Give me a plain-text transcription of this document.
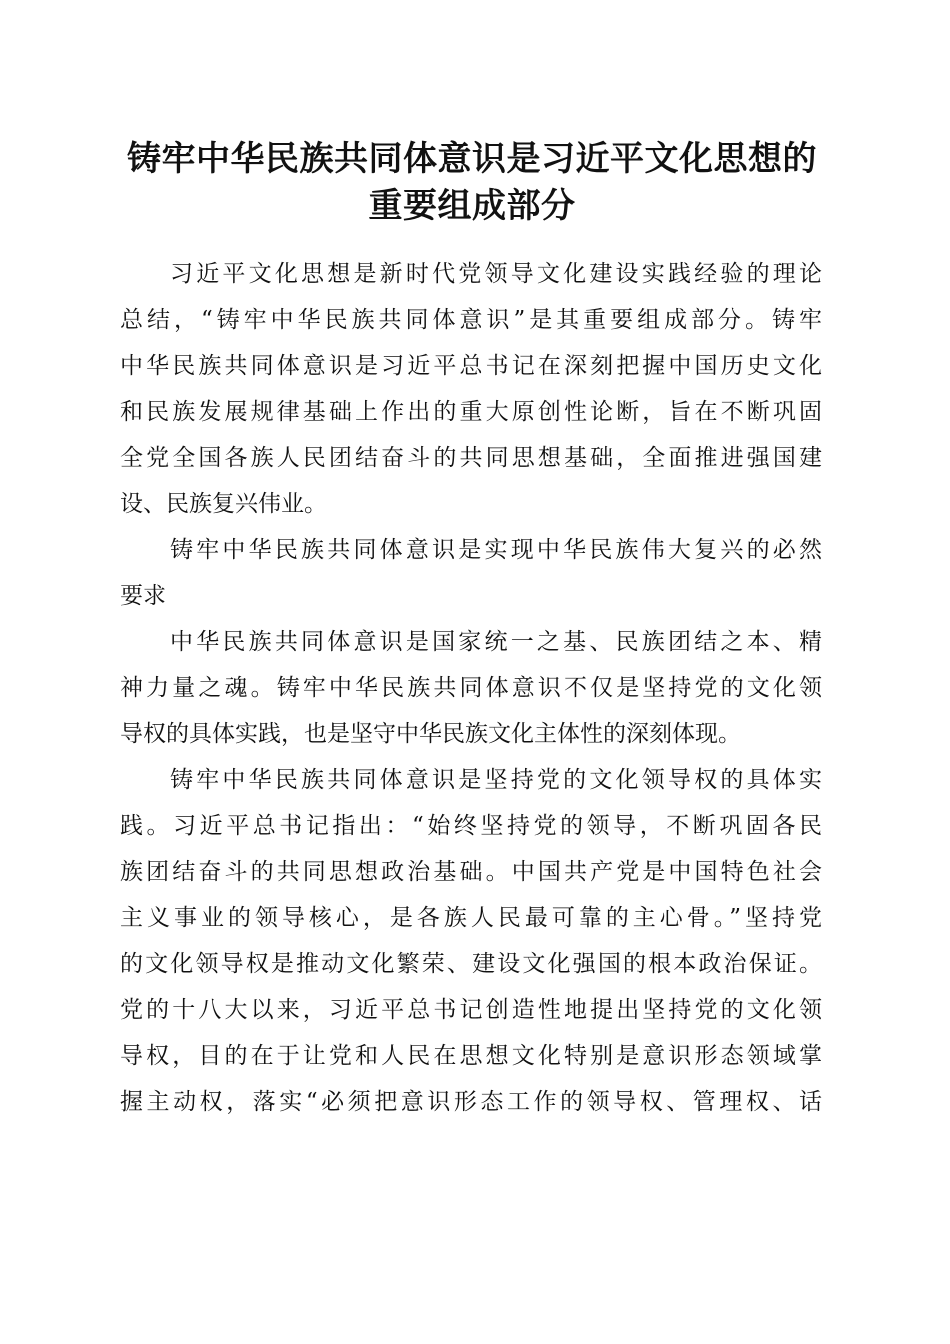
铸牢中华民族共同体意识是习近平文化思想的
重要组成部分
习近平文化思想是新时代党领导文化建设实践经验的理论
总结，“铸牢中华民族共同体意识”是其重要组成部分。铸牢
中华民族共同体意识是习近平总书记在深刻把握中国历史文化
和民族发展规律基础上作出的重大原创性论断，旨在不断巩固
全党全国各族人民团结奋斗的共同思想基础，全面推进强国建
设、民族复兴伟业。
铸牢中华民族共同体意识是实现中华民族伟大复兴的必然
要求
中华民族共同体意识是国家统一之基、民族团结之本、精
神力量之魂。铸牢中华民族共同体意识不仅是坚持党的文化领
导权的具体实践，也是坚守中华民族文化主体性的深刻体现。
铸牢中华民族共同体意识是坚持党的文化领导权的具体实
践。习近平总书记指出：“始终坚持党的领导，不断巩固各民
族团结奋斗的共同思想政治基础。中国共产党是中国特色社会
主义事业的领导核心，是各族人民最可靠的主心骨。”坚持党
的文化领导权是推动文化繁荣、建设文化强国的根本政治保证。
党的十八大以来，习近平总书记创造性地提出坚持党的文化领
导权，目的在于让党和人民在思想文化特别是意识形态领域掌
握主动权，落实“必须把意识形态工作的领导权、管理权、话
